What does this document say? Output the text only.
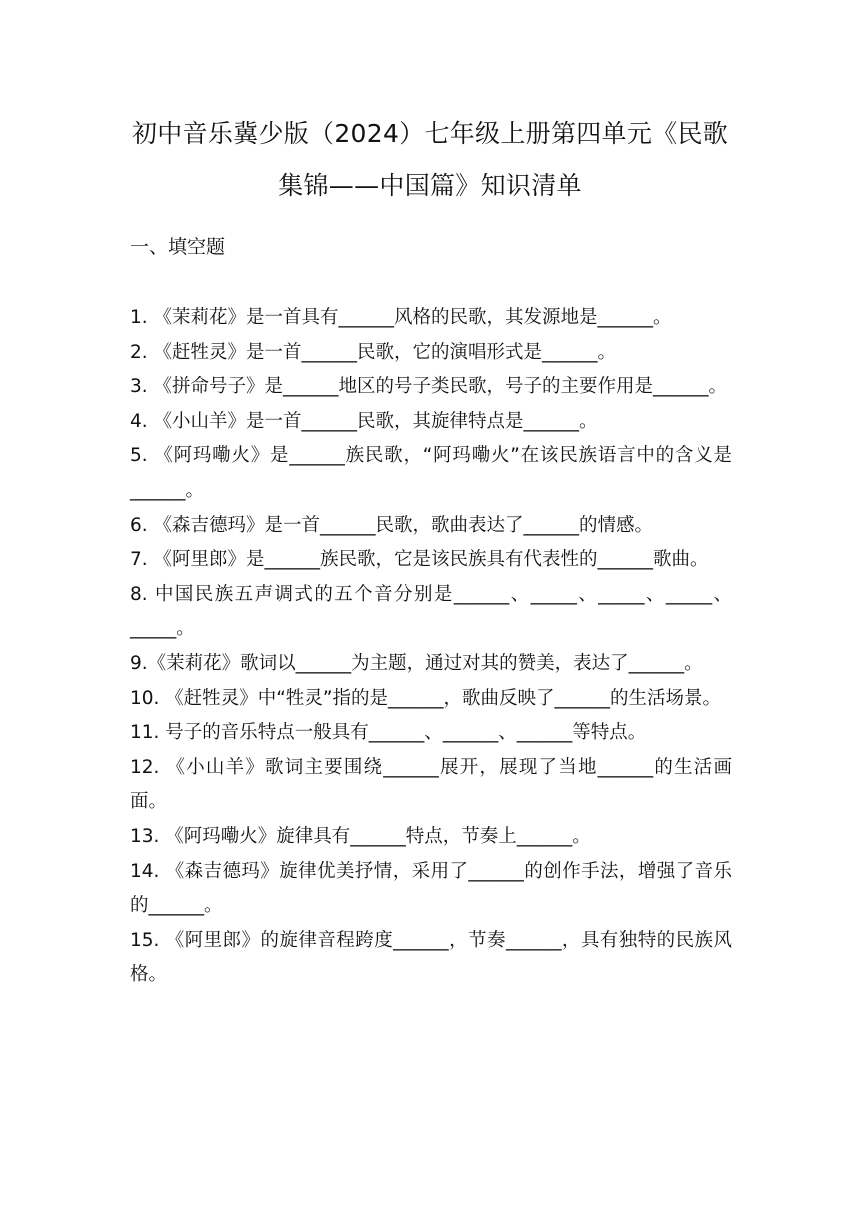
初中音乐冀少版（2024）七年级上册第四单元《民歌集锦——中国篇》知识清单
一、填空题

1. 《茉莉花》是一首具有______风格的民歌，其发源地是______。

2. 《赶牲灵》是一首______民歌，它的演唱形式是______。

3. 《拼命号子》是______地区的号子类民歌，号子的主要作用是______。

4. 《小山羊》是一首______民歌，其旋律特点是______。

5. 《阿玛嘞火》是______族民歌，“阿玛嘞火”在该民族语言中的含义是______。

6. 《森吉德玛》是一首______民歌，歌曲表达了______的情感。

7. 《阿里郎》是______族民歌，它是该民族具有代表性的______歌曲。

8. 中国民族五声调式的五个音分别是______、_____、_____、_____、_____。

9.《茉莉花》歌词以______为主题，通过对其的赞美，表达了______。

10. 《赶牲灵》中“牲灵”指的是______，歌曲反映了______的生活场景。

11. 号子的音乐特点一般具有______、______、______等特点。

12. 《小山羊》歌词主要围绕______展开，展现了当地______的生活画面。

13. 《阿玛嘞火》旋律具有______特点，节奏上______。

14. 《森吉德玛》旋律优美抒情，采用了______的创作手法，增强了音乐的______。

15. 《阿里郎》的旋律音程跨度______，节奏______，具有独特的民族风格。
